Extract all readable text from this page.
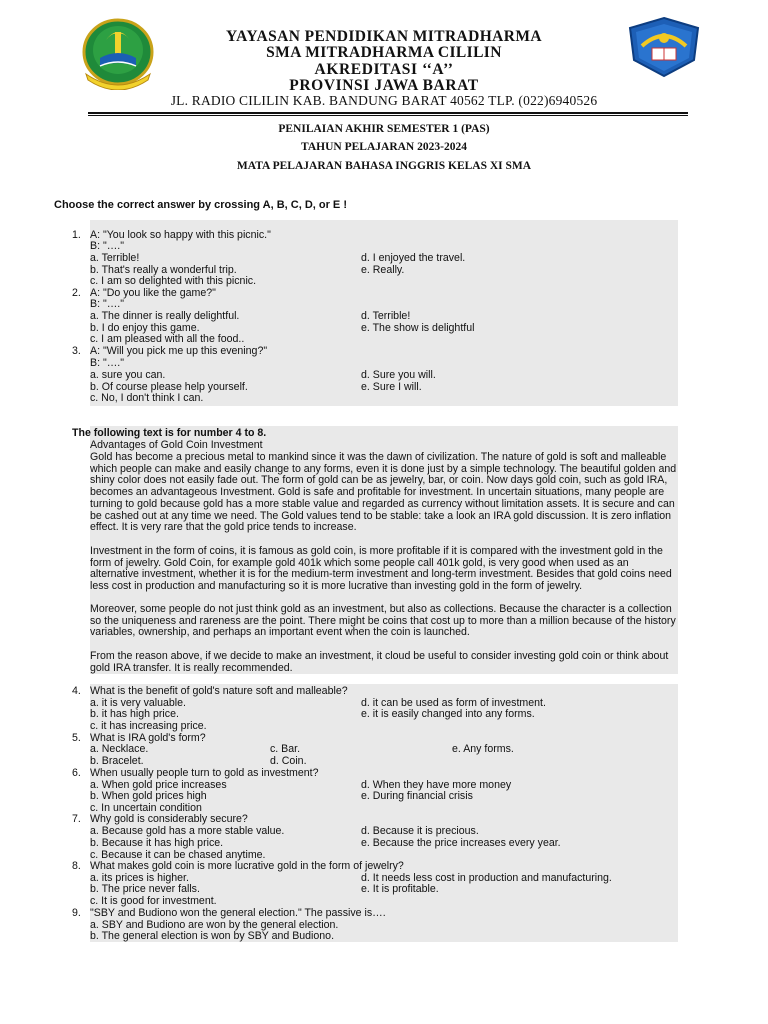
YAYASAN PENDIDIKAN MITRADHARMA
SMA MITRADHARMA CILILIN
AKREDITASI ‘‘A’’
PROVINSI JAWA BARAT
JL. RADIO CILILIN KAB. BANDUNG BARAT 40562 TLP. (022)6940526
PENILAIAN AKHIR SEMESTER 1 (PAS)
TAHUN PELAJARAN 2023-2024
MATA PELAJARAN BAHASA INGGRIS KELAS XI SMA
Choose the correct answer by crossing A, B, C, D, or E !
1. A: "You look so happy with this picnic."
B: "…."
a. Terrible!
b. That's really a wonderful trip.
c. I am so delighted with this picnic.
d. I enjoyed the travel.
e. Really.
2. A: "Do you like the game?"
B: "…."
a. The dinner is really delightful.
b. I do enjoy this game.
c. I am pleased with all the food..
d. Terrible!
e. The show is delightful
3. A: "Will you pick me up this evening?"
B: "…."
a. sure you can.
b. Of course please help yourself.
c. No, I don't think I can.
d. Sure you will.
e. Sure I will.
The following text is for number 4 to 8.
Advantages of Gold Coin Investment
Gold has become a precious metal to mankind since it was the dawn of civilization. The nature of gold is soft and malleable which people can make and easily change to any forms, even it is done just by a simple technology. The beautiful golden and shiny color does not easily fade out. The form of gold can be as jewelry, bar, or coin. Now days gold coin, such as gold IRA, becomes an advantageous Investment. Gold is safe and profitable for investment. In uncertain situations, many people are turning to gold because gold has a more stable value and regarded as currency without limitation assets. It is secure and can be cashed out at any time we need. The Gold values tend to be stable: take a look an IRA gold discussion. It is zero inflation effect. It is very rare that the gold price tends to increase.
Investment in the form of coins, it is famous as gold coin, is more profitable if it is compared with the investment gold in the form of jewelry. Gold Coin, for example gold 401k which some people call 401k gold, is very good when used as an alternative investment, whether it is for the medium-term investment and long-term investment. Besides that gold coins need less cost in production and manufacturing so it is more lucrative than investing gold in the form of jewelry.
Moreover, some people do not just think gold as an investment, but also as collections. Because the character is a collection so the uniqueness and rareness are the point. There might be coins that cost up to more than a million because of the history variables, ownership, and perhaps an important event when the coin is launched.
From the reason above, if we decide to make an investment, it cloud be useful to consider investing gold coin or think about gold IRA transfer. It is really recommended.
4. What is the benefit of gold's nature soft and malleable?
a. it is very valuable.
b. it has high price.
c. it has increasing price.
d. it can be used as form of investment.
e. it is easily changed into any forms.
5. What is IRA gold's form?
a. Necklace.
b. Bracelet.
c. Bar.
d. Coin.
e. Any forms.
6. When usually people turn to gold as investment?
a. When gold price increases
b. When gold prices high
c. In uncertain condition
d. When they have more money
e. During financial crisis
7. Why gold is considerably secure?
a. Because gold has a more stable value.
b. Because it has high price.
c. Because it can be chased anytime.
d. Because it is precious.
e. Because the price increases every year.
8. What makes gold coin is more lucrative gold in the form of jewelry?
a. its prices is higher.
b. The price never falls.
c. It is good for investment.
d. It needs less cost in production and manufacturing.
e. It is profitable.
9. "SBY and Budiono won the general election." The passive is….
a. SBY and Budiono are won by the general election.
b. The general election is won by SBY and Budiono.
